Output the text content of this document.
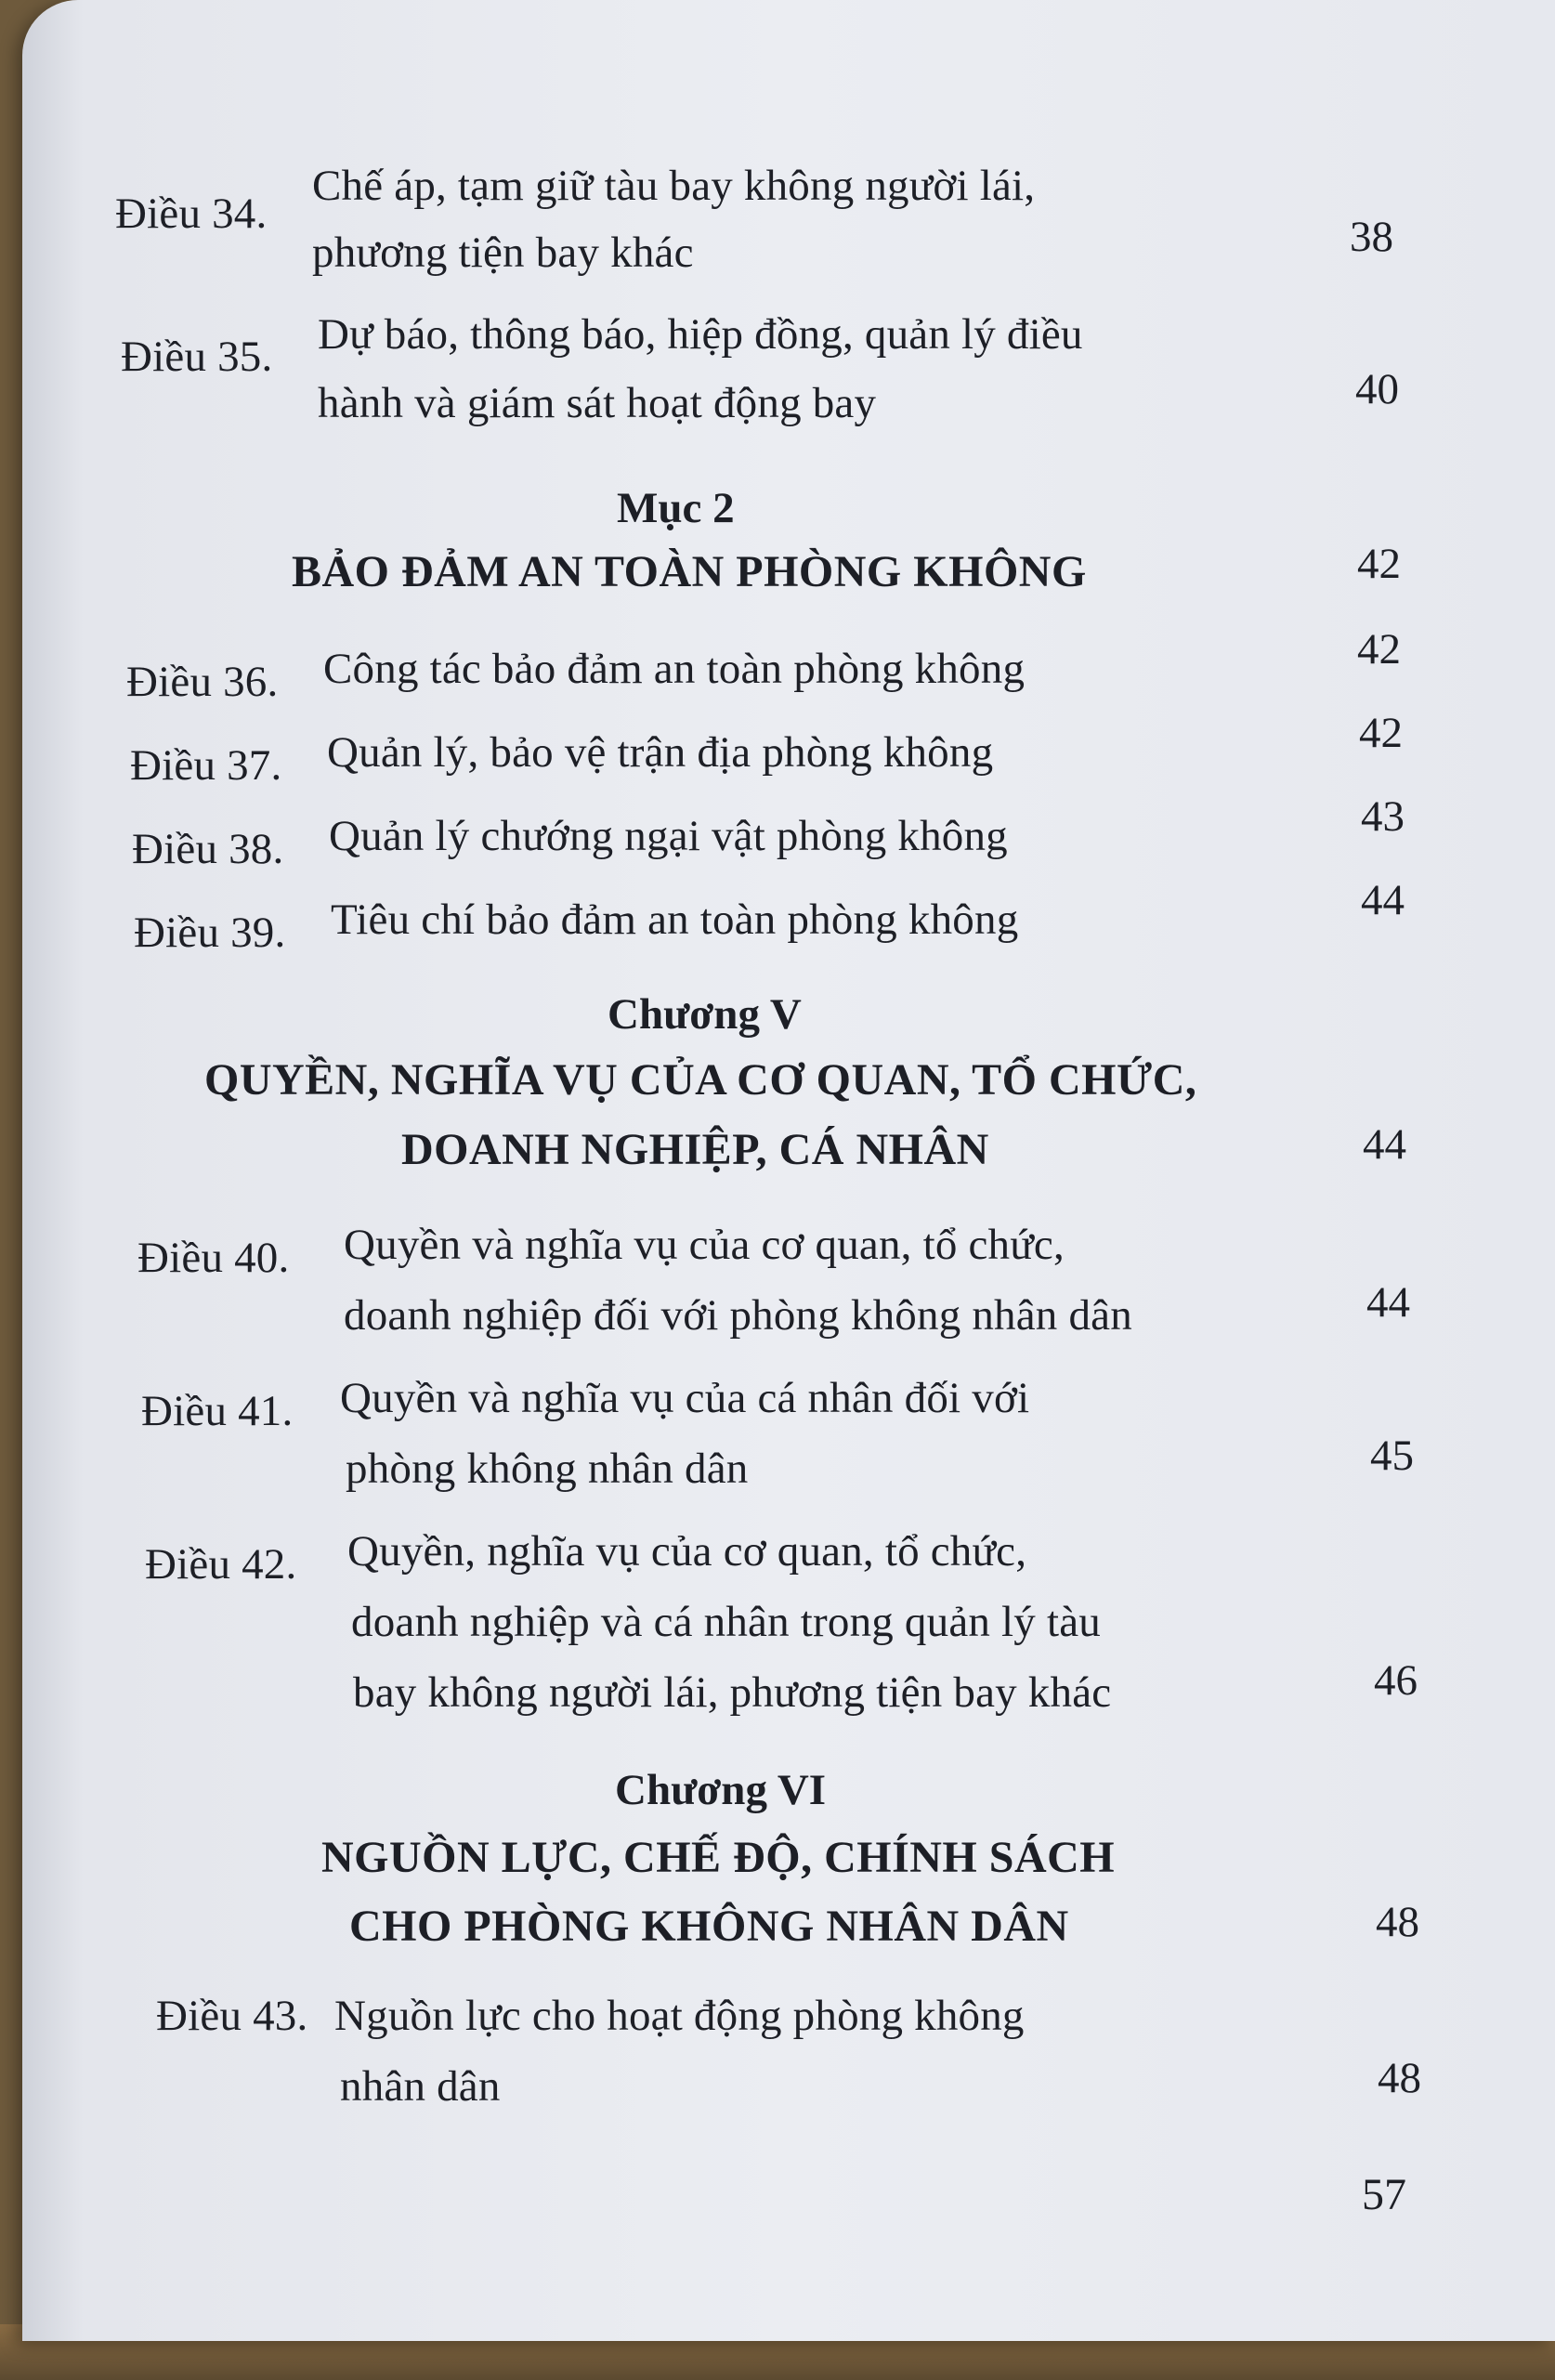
Điều 34.
Chế áp, tạm giữ tàu bay không người lái,
phương tiện bay khác	38
Điều 35. Dự báo, thông báo, hiệp đồng, quản lý điều
hành và giám sát hoạt động bay	40
Mục 2
BẢO ĐẢM AN TOÀN PHÒNG KHÔNG	42
Điều 36. Công tác bảo đảm an toàn phòng không	42
Điều 37. Quản lý, bảo vệ trận địa phòng không	42
Điều 38. Quản lý chướng ngại vật phòng không	43
Điều 39. Tiêu chí bảo đảm an toàn phòng không	44
Chương V
QUYỀN, NGHĨA VỤ CỦA CƠ QUAN, TỔ CHỨC,
DOANH NGHIỆP, CÁ NHÂN	44
Điều 40. Quyền và nghĩa vụ của cơ quan, tổ chức,
doanh nghiệp đối với phòng không nhân dân	44
Điều 41. Quyền và nghĩa vụ của cá nhân đối với
phòng không nhân dân	45
Điều 42. Quyền, nghĩa vụ của cơ quan, tổ chức,
doanh nghiệp và cá nhân trong quản lý tàu
bay không người lái, phương tiện bay khác	46
Chương VI
NGUỒN LỰC, CHẾ ĐỘ, CHÍNH SÁCH
CHO PHÒNG KHÔNG NHÂN DÂN	48
Điều 43. Nguồn lực cho hoạt động phòng không
nhân dân	48
57
